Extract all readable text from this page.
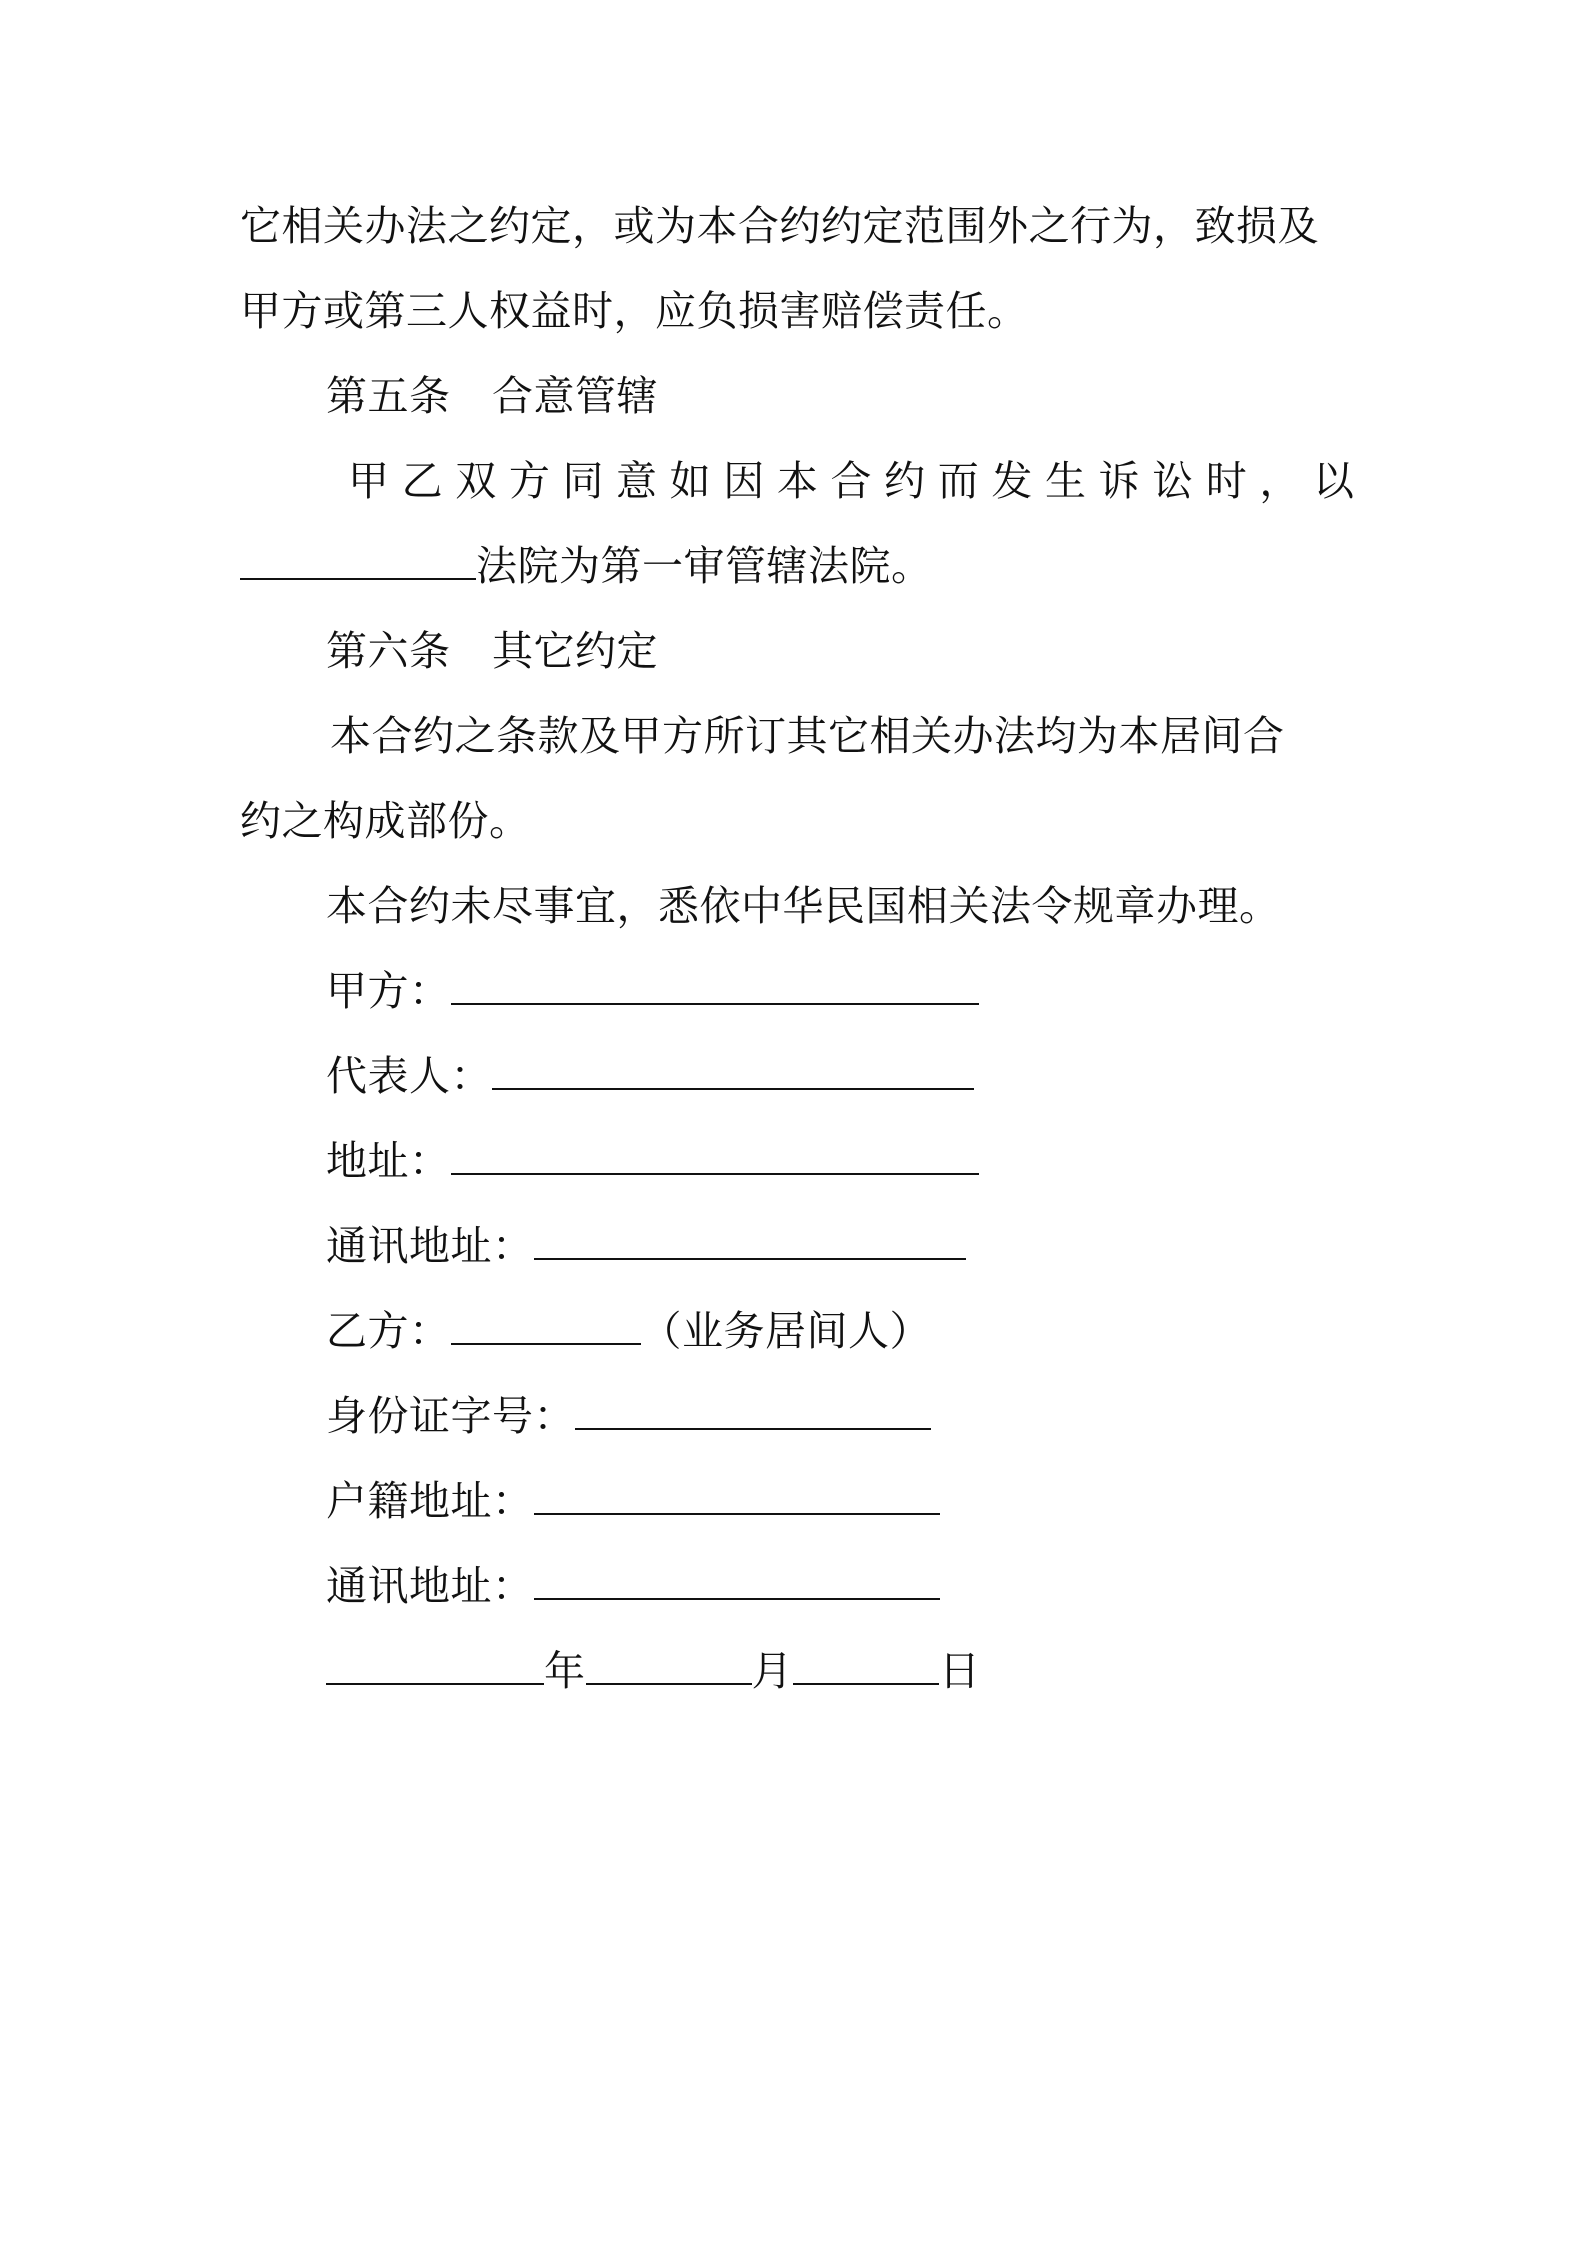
它相关办法之约定，或为本合约约定范围外之行为，致损及
甲方或第三人权益时，应负损害赔偿责任。
第五条　合意管辖
甲乙双方同意如因本合约而发生诉讼时，以
法院为第一审管辖法院。
第六条　其它约定
本合约之条款及甲方所订其它相关办法均为本居间合
约之构成部份。
本合约未尽事宜，悉依中华民国相关法令规章办理。
甲方：
代表人：
地址：
通讯地址：
乙方：	（业务居间人）
身份证字号：
户籍地址：
通讯地址：
年	月	日
